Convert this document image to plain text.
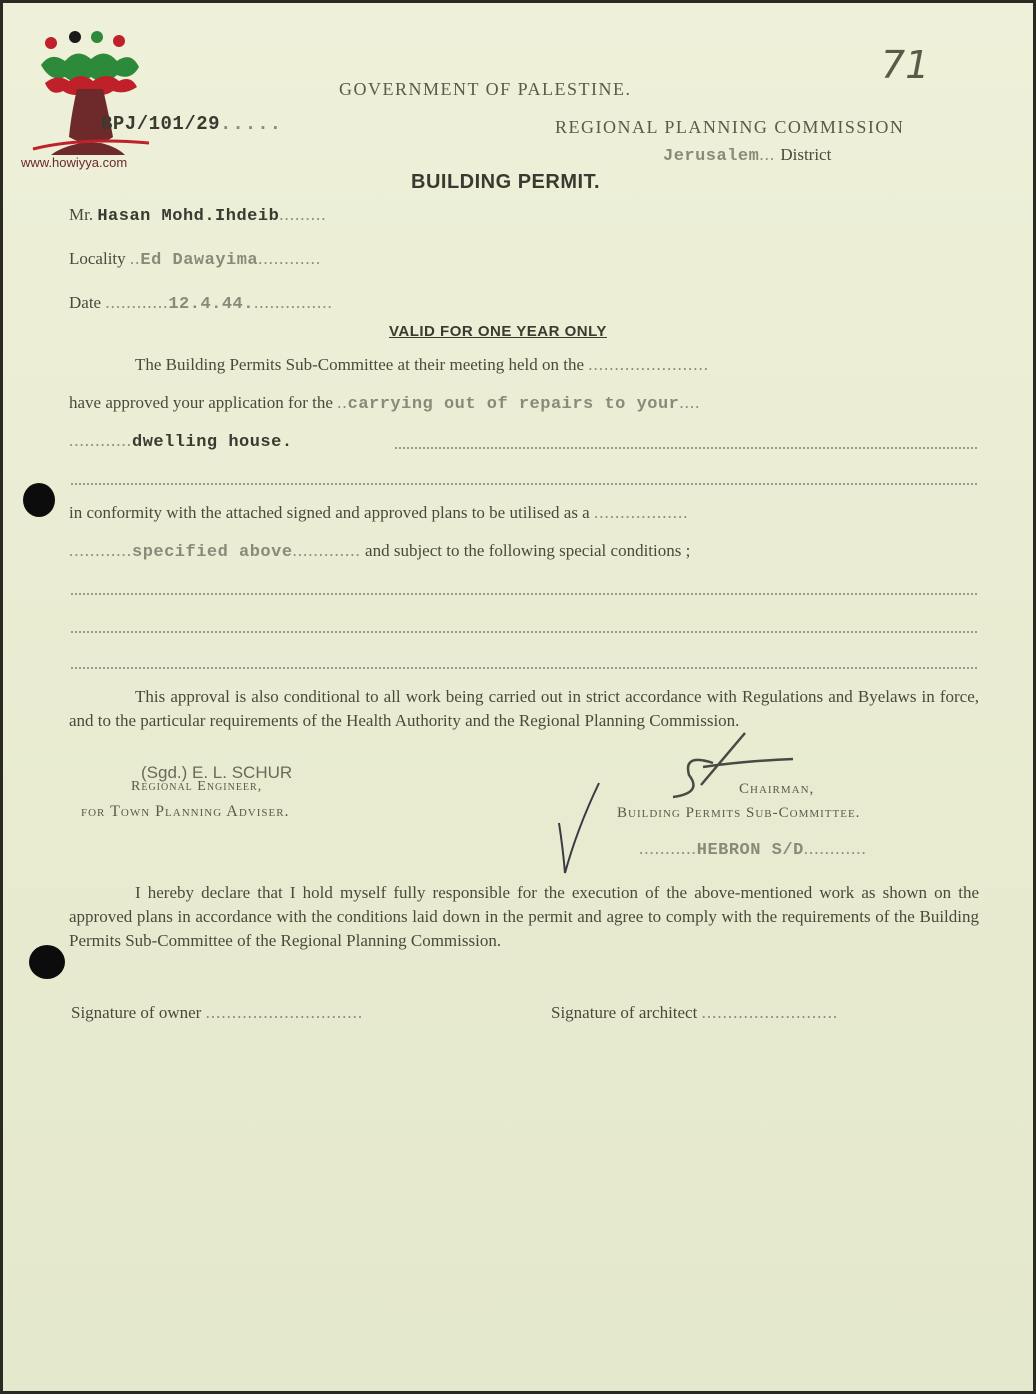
www.howiyya.com
71
GOVERNMENT OF PALESTINE.
BPJ/101/29.....	REGIONAL PLANNING COMMISSION
Jerusalem... District
BUILDING PERMIT.
Mr. Hasan Mohd.Ihdeib.........
Locality ..Ed Dawayima............
Date ............12.4.44................
VALID FOR ONE YEAR ONLY
The Building Permits Sub-Committee at their meeting held on the .......................
have approved your application for the ..carrying out of repairs to your....
............dwelling house.
in conformity with the attached signed and approved plans to be utilised as a ..................
............specified above............. and subject to the following special conditions ;
This approval is also conditional to all work being carried out in strict accordance with Regulations and Byelaws in force, and to the particular requirements of the Health Authority and the Regional Planning Commission.
(Sgd.) E. L. SCHUR
Regional Engineer,
for Town Planning Adviser.
Chairman,
Building Permits Sub-Committee.
...........HEBRON S/D............
I hereby declare that I hold myself fully responsible for the execution of the above-mentioned work as shown on the approved plans in accordance with the conditions laid down in the permit and agree to comply with the requirements of the Building Permits Sub-Committee of the Regional Planning Commission.
Signature of owner ..............................	Signature of architect ..........................
